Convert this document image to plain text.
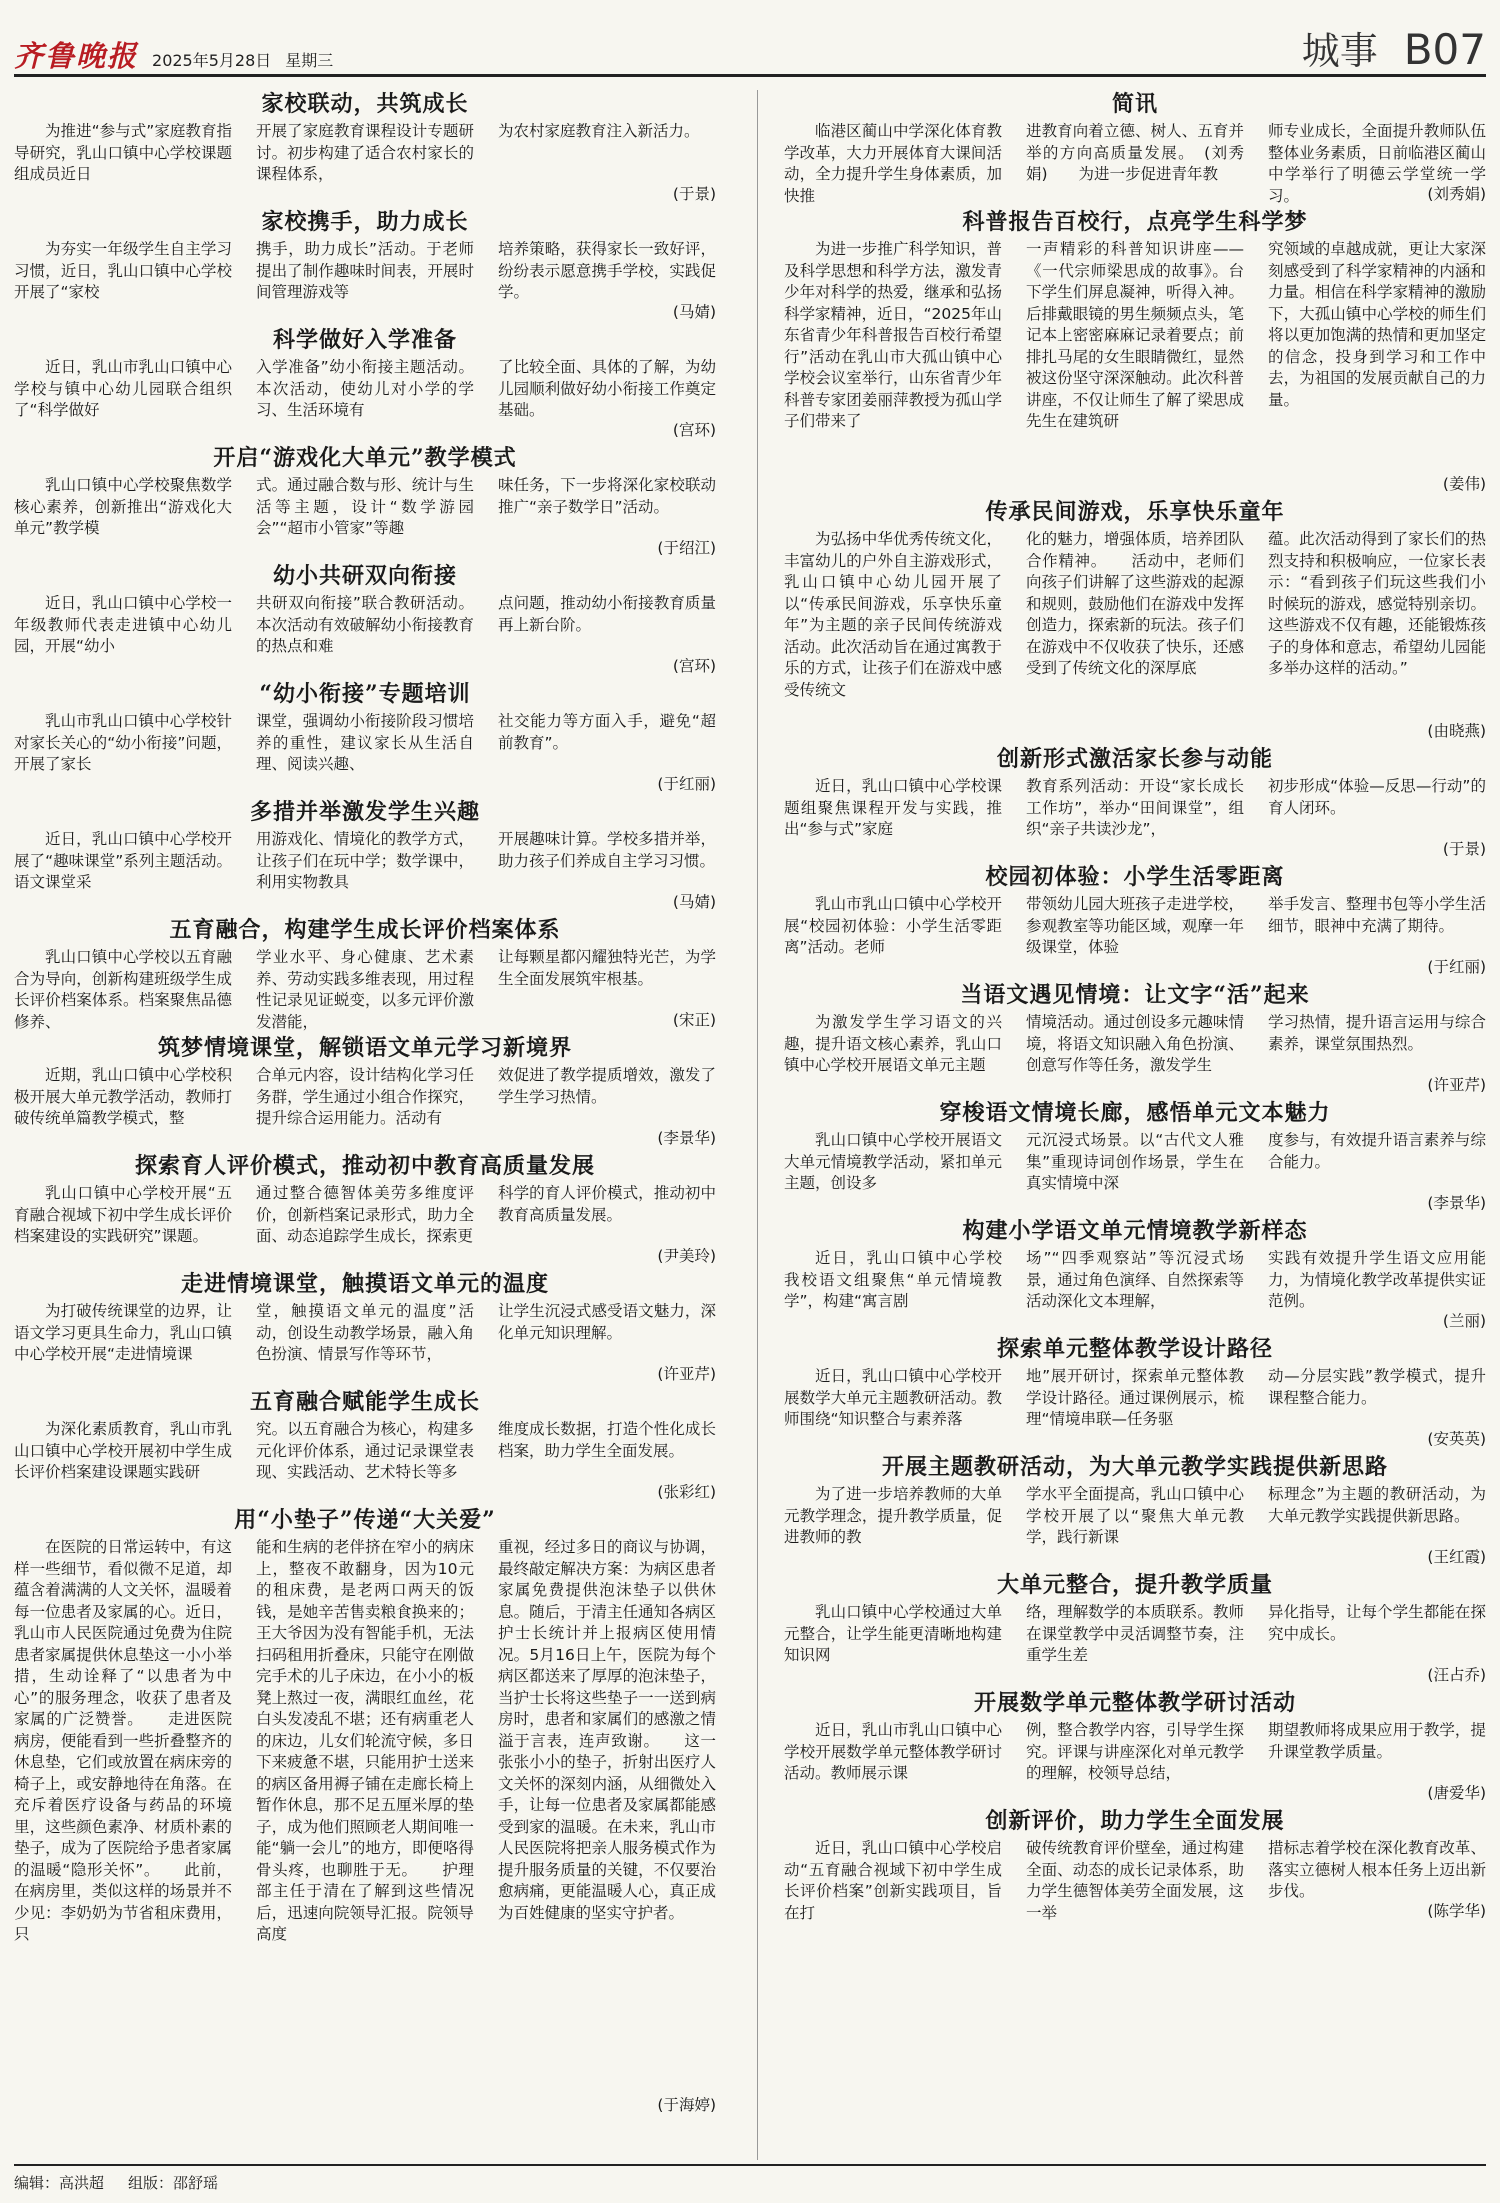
齐鲁晚报 2025年5月28日 星期三	城事 B07
家校联动，共筑成长

为推进“参与式”家庭教育指导研究，乳山口镇中心学校课题组成员近日

开展了家庭教育课程设计专题研讨。初步构建了适合农村家长的课程体系，

为农村家庭教育注入新活力。

(于景)
家校携手，助力成长

为夯实一年级学生自主学习习惯，近日，乳山口镇中心学校开展了“家校

携手，助力成长”活动。于老师提出了制作趣味时间表，开展时间管理游戏等

培养策略，获得家长一致好评，纷纷表示愿意携手学校，实践促学。

(马婧)
科学做好入学准备

近日，乳山市乳山口镇中心学校与镇中心幼儿园联合组织了“科学做好

入学准备”幼小衔接主题活动。本次活动，使幼儿对小学的学习、生活环境有

了比较全面、具体的了解，为幼儿园顺利做好幼小衔接工作奠定基础。

(宫环)
开启“游戏化大单元”教学模式

乳山口镇中心学校聚焦数学核心素养，创新推出“游戏化大单元”教学模

式。通过融合数与形、统计与生活等主题，设计“数学游园会”“超市小管家”等趣

味任务，下一步将深化家校联动推广“亲子数学日”活动。

(于绍江)
幼小共研双向衔接

近日，乳山口镇中心学校一年级教师代表走进镇中心幼儿园，开展“幼小

共研双向衔接”联合教研活动。本次活动有效破解幼小衔接教育的热点和难

点问题，推动幼小衔接教育质量再上新台阶。

(宫环)
“幼小衔接”专题培训

乳山市乳山口镇中心学校针对家长关心的“幼小衔接”问题，开展了家长

课堂，强调幼小衔接阶段习惯培养的重性，建议家长从生活自理、阅读兴趣、

社交能力等方面入手，避免“超前教育”。

(于红丽)
多措并举激发学生兴趣

近日，乳山口镇中心学校开展了“趣味课堂”系列主题活动。语文课堂采

用游戏化、情境化的教学方式，让孩子们在玩中学；数学课中，利用实物教具

开展趣味计算。学校多措并举，助力孩子们养成自主学习习惯。

(马婧)
五育融合，构建学生成长评价档案体系

乳山口镇中心学校以五育融合为导向，创新构建班级学生成长评价档案体系。档案聚焦品德修养、

学业水平、身心健康、艺术素养、劳动实践多维表现，用过程性记录见证蜕变，以多元评价激发潜能，

让每颗星都闪耀独特光芒，为学生全面发展筑牢根基。

(宋正)
筑梦情境课堂，解锁语文单元学习新境界

近期，乳山口镇中心学校积极开展大单元教学活动，教师打破传统单篇教学模式，整

合单元内容，设计结构化学习任务群，学生通过小组合作探究，提升综合运用能力。活动有

效促进了教学提质增效，激发了学生学习热情。

(李景华)
探索育人评价模式，推动初中教育高质量发展

乳山口镇中心学校开展“五育融合视域下初中学生成长评价档案建设的实践研究”课题。

通过整合德智体美劳多维度评价，创新档案记录形式，助力全面、动态追踪学生成长，探索更

科学的育人评价模式，推动初中教育高质量发展。

(尹美玲)
走进情境课堂，触摸语文单元的温度

为打破传统课堂的边界，让语文学习更具生命力，乳山口镇中心学校开展“走进情境课

堂，触摸语文单元的温度”活动，创设生动教学场景，融入角色扮演、情景写作等环节，

让学生沉浸式感受语文魅力，深化单元知识理解。

(许亚芹)
五育融合赋能学生成长

为深化素质教育，乳山市乳山口镇中心学校开展初中学生成长评价档案建设课题实践研

究。以五育融合为核心，构建多元化评价体系，通过记录课堂表现、实践活动、艺术特长等多

维度成长数据，打造个性化成长档案，助力学生全面发展。

(张彩红)
用“小垫子”传递“大关爱”

在医院的日常运转中，有这样一些细节，看似微不足道，却蕴含着满满的人文关怀，温暖着每一位患者及家属的心。近日，乳山市人民医院通过免费为住院患者家属提供休息垫这一小小举措，生动诠释了“以患者为中心”的服务理念，收获了患者及家属的广泛赞誉。　　走进医院病房，便能看到一些折叠整齐的休息垫，它们或放置在病床旁的椅子上，或安静地待在角落。在充斥着医疗设备与药品的环境里，这些颜色素净、材质朴素的垫子，成为了医院给予患者家属的温暖“隐形关怀”。　　此前，在病房里，类似这样的场景并不少见：李奶奶为节省租床费用，只

能和生病的老伴挤在窄小的病床上，整夜不敢翻身，因为10元的租床费，是老两口两天的饭钱，是她辛苦售卖粮食换来的；王大爷因为没有智能手机，无法扫码租用折叠床，只能守在刚做完手术的儿子床边，在小小的板凳上熬过一夜，满眼红血丝，花白头发凌乱不堪；还有病重老人的床边，儿女们轮流守候，多日下来疲惫不堪，只能用护士送来的病区备用褥子铺在走廊长椅上暂作休息，那不足五厘米厚的垫子，成为他们照顾老人期间唯一能“躺一会儿”的地方，即便咯得骨头疼，也聊胜于无。　　护理部主任于清在了解到这些情况后，迅速向院领导汇报。院领导高度

重视，经过多日的商议与协调，最终敲定解决方案：为病区患者家属免费提供泡沫垫子以供休息。随后，于清主任通知各病区护士长统计并上报病区使用情况。5月16日上午，医院为每个病区都送来了厚厚的泡沫垫子，当护士长将这些垫子一一送到病房时，患者和家属们的感激之情溢于言表，连声致谢。　　这一张张小小的垫子，折射出医疗人文关怀的深刻内涵，从细微处入手，让每一位患者及家属都能感受到家的温暖。在未来，乳山市人民医院将把亲人服务模式作为提升服务质量的关键，不仅要治愈病痛，更能温暖人心，真正成为百姓健康的坚实守护者。

(于海婷)
简讯

临港区蔺山中学深化体育教学改革，大力开展体育大课间活动，全力提升学生身体素质，加快推

进教育向着立德、树人、五育并举的方向高质量发展。　(刘秀娟)　　为进一步促进青年教

师专业成长，全面提升教师队伍整体业务素质，日前临港区蔺山中学举行了明德云学堂统一学习。	(刘秀娟)
科普报告百校行，点亮学生科学梦

为进一步推广科学知识，普及科学思想和科学方法，激发青少年对科学的热爱，继承和弘扬科学家精神，近日，“2025年山东省青少年科普报告百校行希望行”活动在乳山市大孤山镇中心学校会议室举行，山东省青少年科普专家团姜丽萍教授为孤山学子们带来了

一声精彩的科普知识讲座——《一代宗师梁思成的故事》。台下学生们屏息凝神，听得入神。后排戴眼镜的男生频频点头，笔记本上密密麻麻记录着要点；前排扎马尾的女生眼睛微红，显然被这份坚守深深触动。此次科普讲座，不仅让师生了解了梁思成先生在建筑研

究领域的卓越成就，更让大家深刻感受到了科学家精神的内涵和力量。相信在科学家精神的激励下，大孤山镇中心学校的师生们将以更加饱满的热情和更加坚定的信念，投身到学习和工作中去，为祖国的发展贡献自己的力量。

(姜伟)
传承民间游戏，乐享快乐童年

为弘扬中华优秀传统文化，丰富幼儿的户外自主游戏形式，乳山口镇中心幼儿园开展了以“传承民间游戏，乐享快乐童年”为主题的亲子民间传统游戏活动。此次活动旨在通过寓教于乐的方式，让孩子们在游戏中感受传统文

化的魅力，增强体质，培养团队合作精神。　　活动中，老师们向孩子们讲解了这些游戏的起源和规则，鼓励他们在游戏中发挥创造力，探索新的玩法。孩子们在游戏中不仅收获了快乐，还感受到了传统文化的深厚底

蕴。此次活动得到了家长们的热烈支持和积极响应，一位家长表示：“看到孩子们玩这些我们小时候玩的游戏，感觉特别亲切。这些游戏不仅有趣，还能锻炼孩子的身体和意志，希望幼儿园能多举办这样的活动。”

(由晓燕)
创新形式激活家长参与动能

近日，乳山口镇中心学校课题组聚焦课程开发与实践，推出“参与式”家庭

教育系列活动：开设“家长成长工作坊”，举办“田间课堂”，组织“亲子共读沙龙”，

初步形成“体验—反思—行动”的育人闭环。

(于景)
校园初体验：小学生活零距离

乳山市乳山口镇中心学校开展“校园初体验：小学生活零距离”活动。老师

带领幼儿园大班孩子走进学校，参观教室等功能区域，观摩一年级课堂，体验

举手发言、整理书包等小学生活细节，眼神中充满了期待。

(于红丽)
当语文遇见情境：让文字“活”起来

为激发学生学习语文的兴趣，提升语文核心素养，乳山口镇中心学校开展语文单元主题

情境活动。通过创设多元趣味情境，将语文知识融入角色扮演、创意写作等任务，激发学生

学习热情，提升语言运用与综合素养，课堂氛围热烈。

(许亚芹)
穿梭语文情境长廊，感悟单元文本魅力

乳山口镇中心学校开展语文大单元情境教学活动，紧扣单元主题，创设多

元沉浸式场景。以“古代文人雅集”重现诗词创作场景，学生在真实情境中深

度参与，有效提升语言素养与综合能力。

(李景华)
构建小学语文单元情境教学新样态

近日，乳山口镇中心学校　我校语文组聚焦“单元情境教学”，构建“寓言剧

场”“四季观察站”等沉浸式场景，通过角色演绎、自然探索等活动深化文本理解，

实践有效提升学生语文应用能力，为情境化教学改革提供实证范例。

(兰丽)
探索单元整体教学设计路径

近日，乳山口镇中心学校开展数学大单元主题教研活动。教师围绕“知识整合与素养落

地”展开研讨，探索单元整体教学设计路径。通过课例展示，梳理“情境串联—任务驱

动—分层实践”教学模式，提升课程整合能力。

(安英英)
开展主题教研活动，为大单元教学实践提供新思路

为了进一步培养教师的大单元教学理念，提升教学质量，促进教师的教

学水平全面提高，乳山口镇中心学校开展了以“聚焦大单元教学，践行新课

标理念”为主题的教研活动，为大单元教学实践提供新思路。

(王红霞)
大单元整合，提升教学质量

乳山口镇中心学校通过大单元整合，让学生能更清晰地构建知识网

络，理解数学的本质联系。教师在课堂教学中灵活调整节奏，注重学生差

异化指导，让每个学生都能在探究中成长。

(汪占乔)
开展数学单元整体教学研讨活动

近日，乳山市乳山口镇中心学校开展数学单元整体教学研讨活动。教师展示课

例，整合教学内容，引导学生探究。评课与讲座深化对单元教学的理解，校领导总结，

期望教师将成果应用于教学，提升课堂教学质量。

(唐爱华)
创新评价，助力学生全面发展

近日，乳山口镇中心学校启动“五育融合视域下初中学生成长评价档案”创新实践项目，旨在打

破传统教育评价壁垒，通过构建全面、动态的成长记录体系，助力学生德智体美劳全面发展，这一举

措标志着学校在深化教育改革、落实立德树人根本任务上迈出新步伐。

(陈学华)
编辑：高洪超 组版：邵舒瑶
